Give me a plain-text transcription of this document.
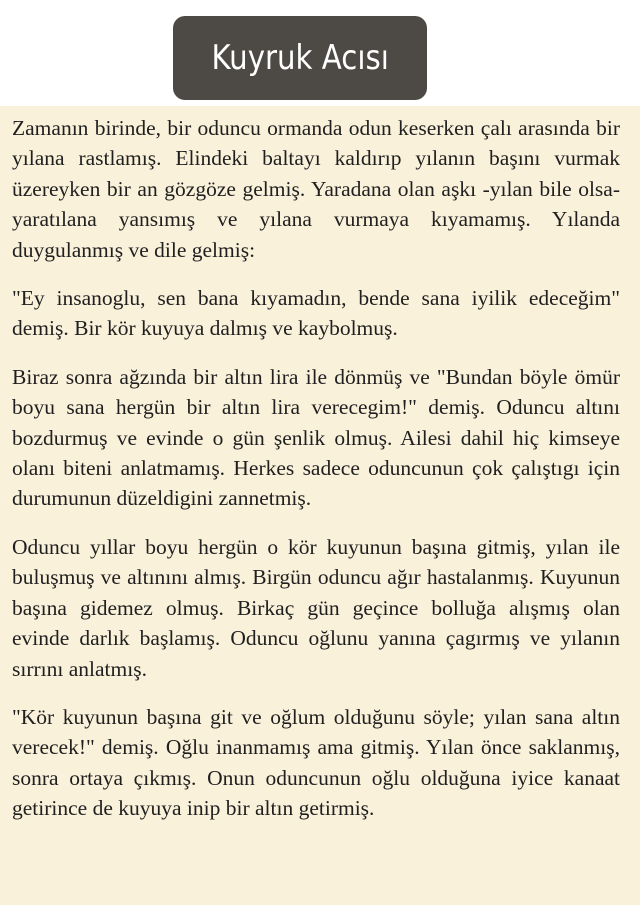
Kuyruk Acısı

Zamanın birinde, bir oduncu ormanda odun keserken çalı arasında bir yılana rastlamış. Elindeki baltayı kaldırıp yılanın başını vurmak üzereyken bir an gözgöze gelmiş. Yaradana olan aşkı -yılan bile olsa- yaratılana yansımış ve yılana vurmaya kıyamamış. Yılanda duygulanmış ve dile gelmiş:

"Ey insanoglu, sen bana kıyamadın, bende sana iyilik edeceğim" demiş. Bir kör kuyuya dalmış ve kaybolmuş.

Biraz sonra ağzında bir altın lira ile dönmüş ve "Bundan böyle ömür boyu sana hergün bir altın lira verecegim!" demiş. Oduncu altını bozdurmuş ve evinde o gün şenlik olmuş. Ailesi dahil hiç kimseye olanı biteni anlatmamış. Herkes sadece oduncunun çok çalıştıgı için durumunun düzeldigini zannetmiş.

Oduncu yıllar boyu hergün o kör kuyunun başına gitmiş, yılan ile buluşmuş ve altınını almış. Birgün oduncu ağır hastalanmış. Kuyunun başına gidemez olmuş. Birkaç gün geçince bolluğa alışmış olan evinde darlık başlamış. Oduncu oğlunu yanına çagırmış ve yılanın sırrını anlatmış.

"Kör kuyunun başına git ve oğlum olduğunu söyle; yılan sana altın verecek!" demiş. Oğlu inanmamış ama gitmiş. Yılan önce saklanmış, sonra ortaya çıkmış. Onun oduncunun oğlu olduğuna iyice kanaat getirince de kuyuya inip bir altın getirmiş.
